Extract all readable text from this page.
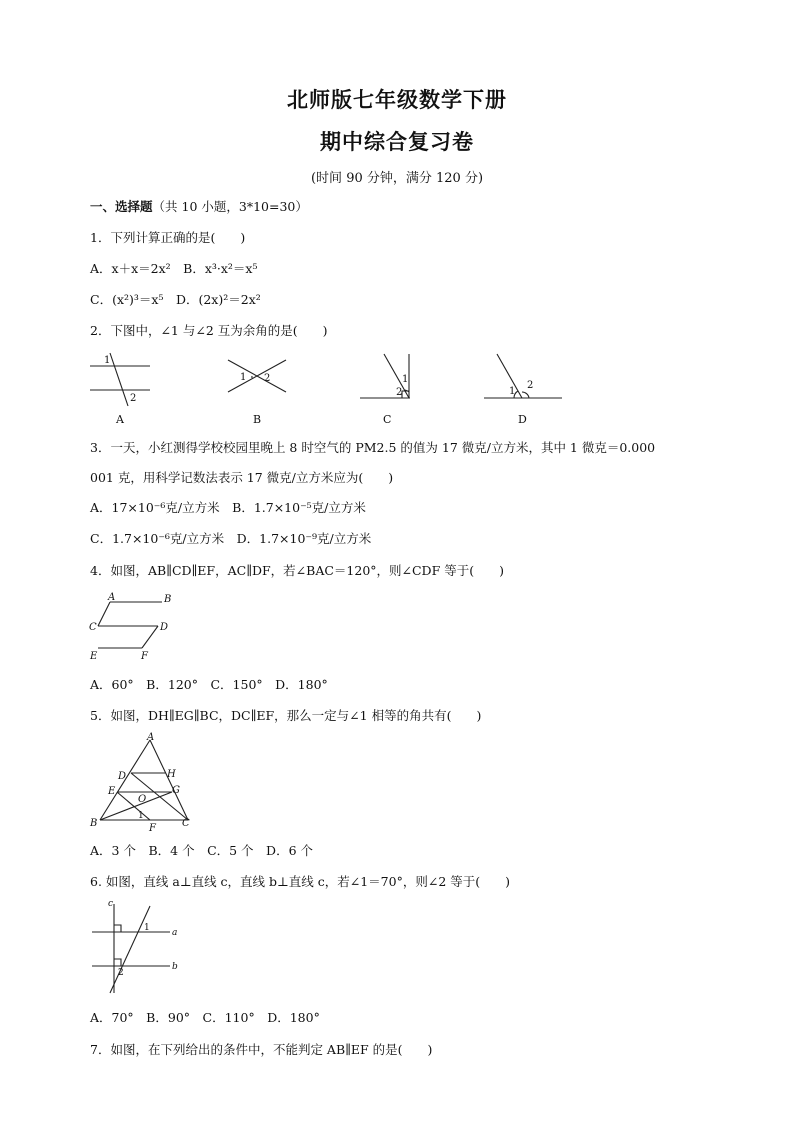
北师版七年级数学下册
期中综合复习卷
(时间 90 分钟，满分 120 分)
一、选择题（共 10 小题，3*10=30）
1．下列计算正确的是(　　)
A．x＋x＝2x²　B．x³·x²＝x⁵
C．(x²)³＝x⁵　D．(2x)²＝2x²
2．下图中，∠1 与∠2 互为余角的是(　　)
1
2
A
1 2
B
1
2
C
1
2
D
3．一天，小红测得学校校园里晚上 8 时空气的 PM2.5 的值为 17 微克/立方米，其中 1 微克＝0.000
001 克，用科学记数法表示 17 微克/立方米应为(　　)
A．17×10⁻⁶克/立方米　B．1.7×10⁻⁵克/立方米
C．1.7×10⁻⁶克/立方米　D．1.7×10⁻⁹克/立方米
4．如图，AB∥CD∥EF，AC∥DF，若∠BAC＝120°，则∠CDF 等于(　　)
A	B
C	D
E	F
A．60°　B．120°　C．150°　D．180°
5．如图，DH∥EG∥BC，DC∥EF，那么一定与∠1 相等的角共有(　　)
A
B	C
D
E
F
G
H
O
1
A．3 个　B．4 个　C．5 个　D．6 个
6. 如图，直线 a⊥直线 c，直线 b⊥直线 c，若∠1＝70°，则∠2 等于(　　)
c
a
b
1
2
A．70°　B．90°　C．110°　D．180°
7．如图，在下列给出的条件中，不能判定 AB∥EF 的是(　　)
